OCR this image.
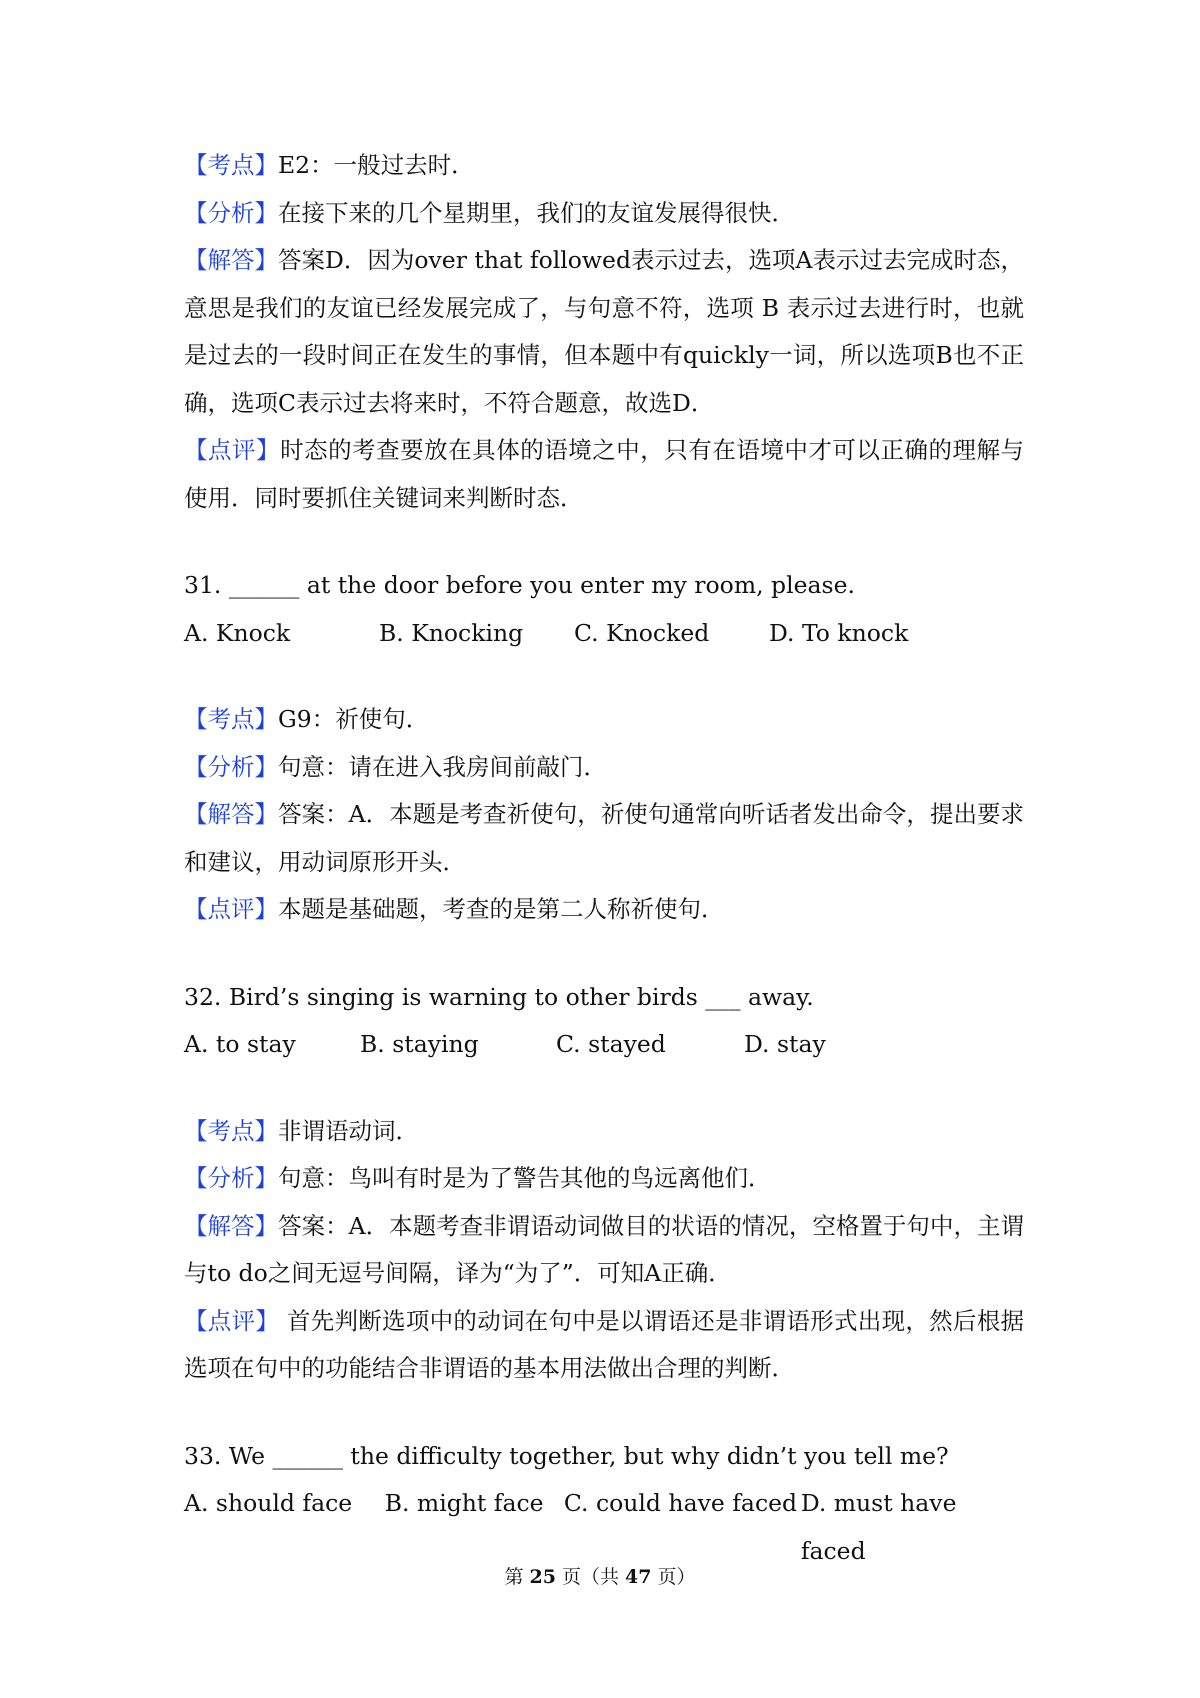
【考点】E2：一般过去时．
【分析】在接下来的几个星期里，我们的友谊发展得很快．
【解答】答案D．因为over that followed表示过去，选项A表示过去完成时态，意思是我们的友谊已经发展完成了，与句意不符，选项 B 表示过去进行时，也就是过去的一段时间正在发生的事情，但本题中有quickly一词，所以选项B也不正确，选项C表示过去将来时，不符合题意，故选D．
【点评】时态的考查要放在具体的语境之中，只有在语境中才可以正确的理解与使用．同时要抓住关键词来判断时态．
31. ______ at the door before you enter my room, please.
A. Knock	B. Knocking	C. Knocked	D. To knock
【考点】G9：祈使句．
【分析】句意：请在进入我房间前敲门．
【解答】答案：A．本题是考查祈使句，祈使句通常向听话者发出命令，提出要求和建议，用动词原形开头．
【点评】本题是基础题，考查的是第二人称祈使句．
32. Bird’s singing is warning to other birds ___ away.
A. to stay	B. staying	C. stayed	D. stay
【考点】非谓语动词．
【分析】句意：鸟叫有时是为了警告其他的鸟远离他们．
【解答】答案：A．本题考查非谓语动词做目的状语的情况，空格置于句中，主谓与to do之间无逗号间隔，译为“为了”．可知A正确．
【点评】 首先判断选项中的动词在句中是以谓语还是非谓语形式出现，然后根据选项在句中的功能结合非谓语的基本用法做出合理的判断．
33. We ______ the difficulty together, but why didn’t you tell me?
A. should face	B. might face C. could have faced D. must have faced
第 25 页（共 47 页）
